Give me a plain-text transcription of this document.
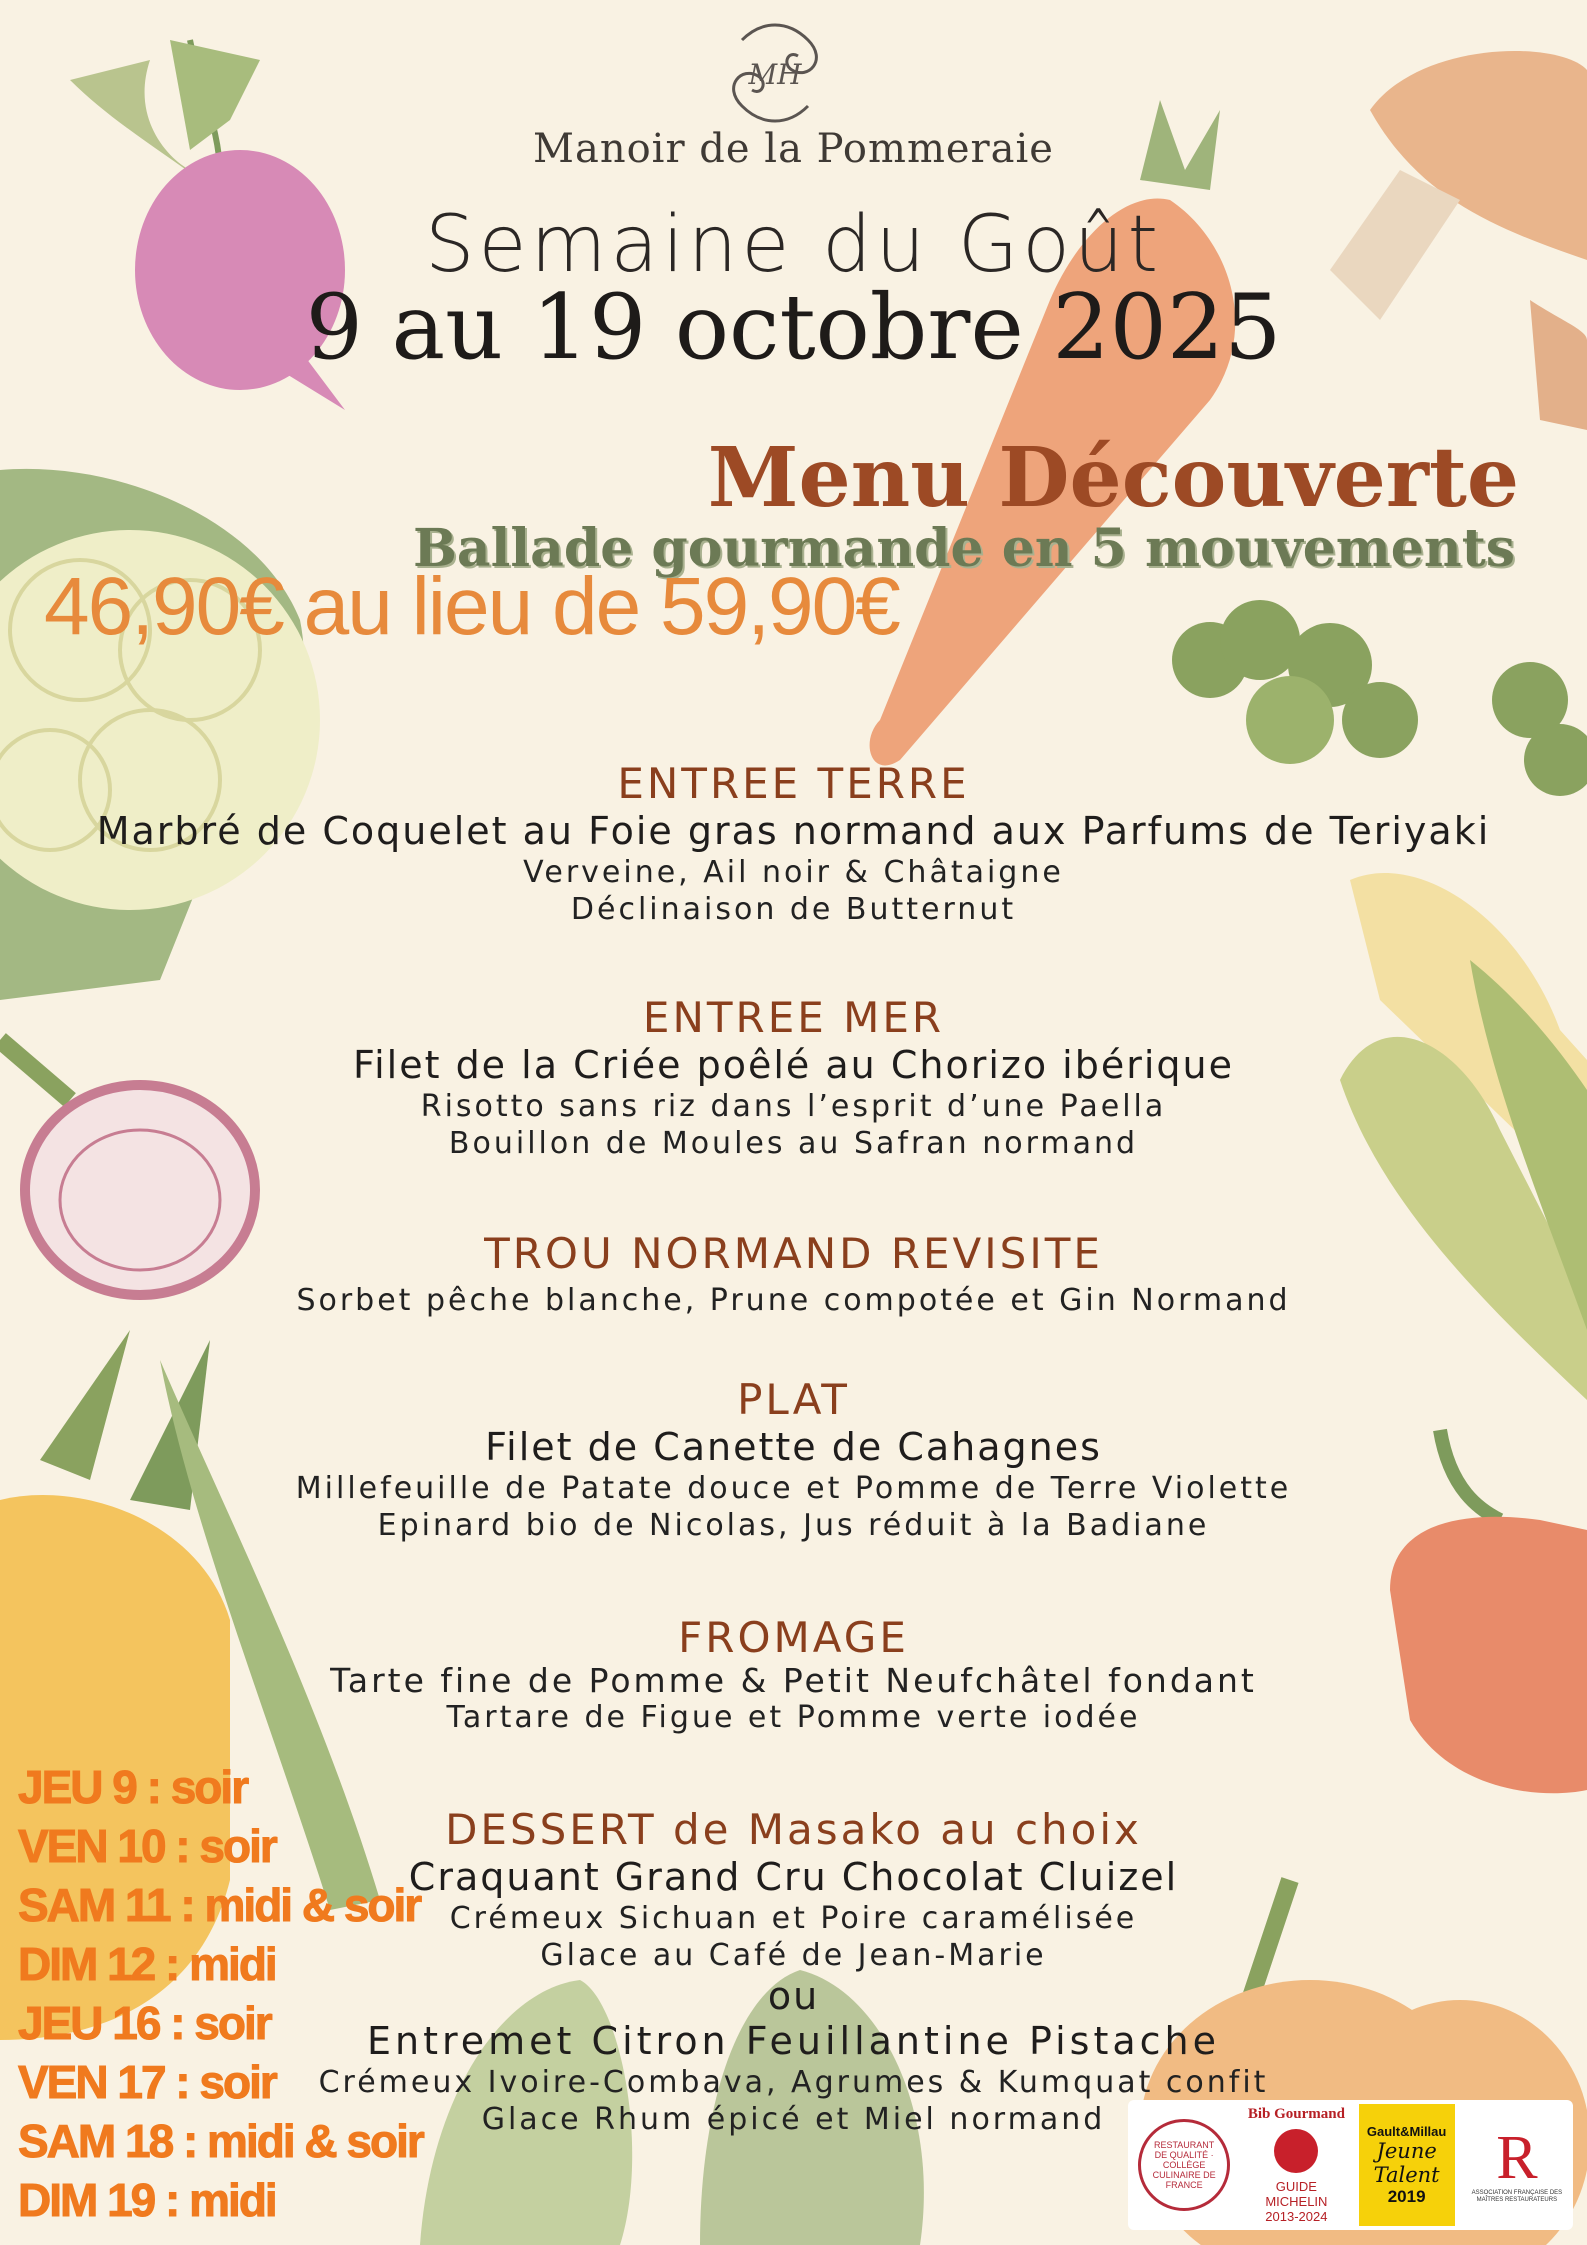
MH
Manoir de la Pommeraie
Semaine du Goût
9 au 19 octobre 2025
Menu Découverte
Ballade gourmande en 5 mouvements
46,90€ au lieu de 59,90€
ENTREE TERRE
Marbré de Coquelet au Foie gras normand aux Parfums de Teriyaki
Verveine, Ail noir & Châtaigne
Déclinaison de Butternut
ENTREE MER
Filet de la Criée poêlé au Chorizo ibérique
Risotto sans riz dans l’esprit d’une Paella
Bouillon de Moules au Safran normand
TROU NORMAND REVISITE
Sorbet pêche blanche, Prune compotée et Gin Normand
PLAT
Filet de Canette de Cahagnes
Millefeuille de Patate douce et Pomme de Terre Violette
Epinard bio de Nicolas, Jus réduit à la Badiane
FROMAGE
Tarte fine de Pomme & Petit Neufchâtel fondant
Tartare de Figue et Pomme verte iodée
DESSERT de Masako au choix
Craquant Grand Cru Chocolat Cluizel
Crémeux Sichuan et Poire caramélisée
Glace au Café de Jean-Marie
ou
Entremet Citron Feuillantine Pistache
Crémeux Ivoire-Combava, Agrumes & Kumquat confit
Glace Rhum épicé et Miel normand
JEU 9 : soir
VEN 10 : soir
SAM 11 : midi & soir
DIM 12 : midi
JEU 16 : soir
VEN 17 : soir
SAM 18 : midi & soir
DIM 19 : midi
RESTAURANT DE QUALITÉ · COLLÈGE CULINAIRE DE FRANCE
Bib Gourmand
GUIDE MICHELIN
2013-2024
Gault&Millau
Jeune Talent
2019
R
ASSOCIATION FRANÇAISE DES MAÎTRES RESTAURATEURS
